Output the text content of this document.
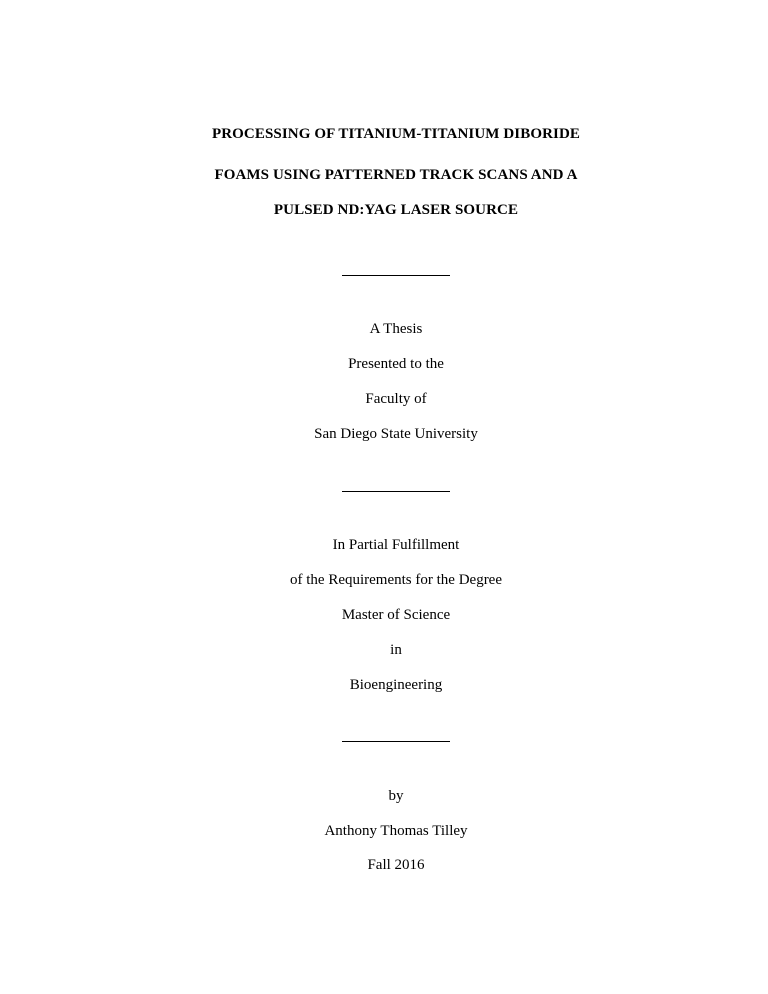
PROCESSING OF TITANIUM-TITANIUM DIBORIDE
FOAMS USING PATTERNED TRACK SCANS AND A
PULSED ND:YAG LASER SOURCE
A Thesis
Presented to the
Faculty of
San Diego State University
In Partial Fulfillment
of the Requirements for the Degree
Master of Science
in
Bioengineering
by
Anthony Thomas Tilley
Fall 2016
